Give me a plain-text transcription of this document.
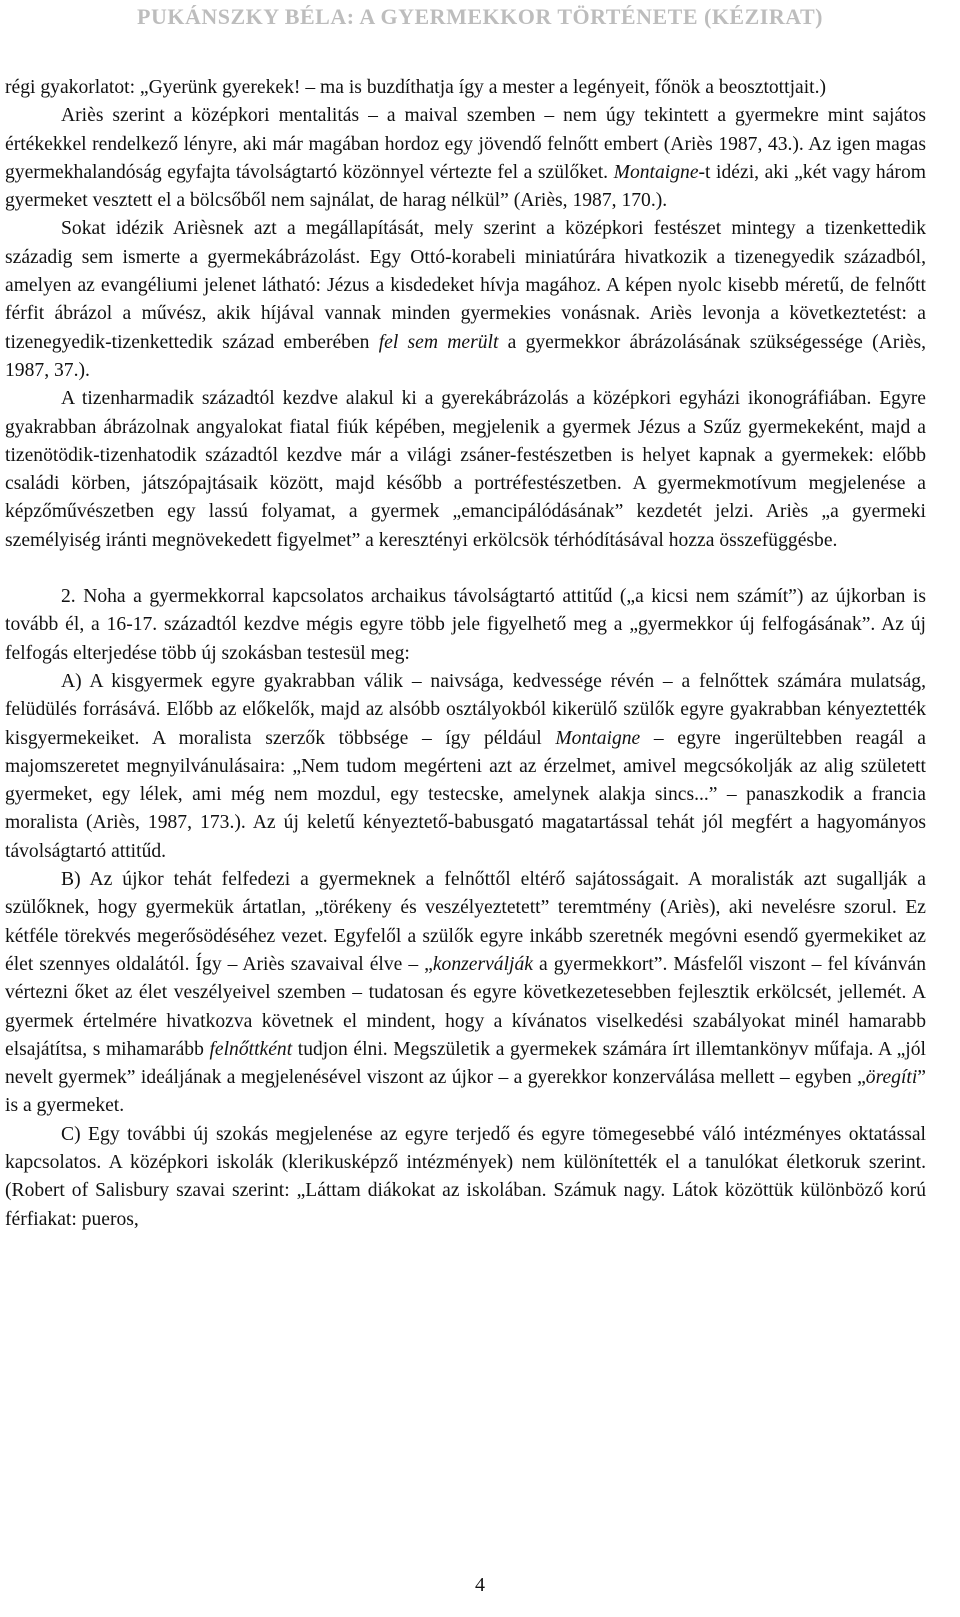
PUKÁNSZKY BÉLA: A GYERMEKKOR TÖRTÉNETE (KÉZIRAT)

régi gyakorlatot: „Gyerünk gyerekek! – ma is buzdíthatja így a mester a legényeit, főnök a beosztottjait.)

Ariès szerint a középkori mentalitás – a maival szemben – nem úgy tekintett a gyermekre mint sajátos értékekkel rendelkező lényre, aki már magában hordoz egy jövendő felnőtt embert (Ariès 1987, 43.). Az igen magas gyermekhalandóság egyfajta távolságtartó közönnyel vértezte fel a szülőket. Montaigne-t idézi, aki „két vagy három gyermeket vesztett el a bölcsőből nem sajnálat, de harag nélkül” (Ariès, 1987, 170.).

Sokat idézik Arièsnek azt a megállapítását, mely szerint a középkori festészet mintegy a tizenkettedik századig sem ismerte a gyermekábrázolást. Egy Ottó-korabeli miniatúrára hivatkozik a tizenegyedik századból, amelyen az evangéliumi jelenet látható: Jézus a kisdedeket hívja magához. A képen nyolc kisebb méretű, de felnőtt férfit ábrázol a művész, akik híjával vannak minden gyermekies vonásnak. Ariès levonja a következtetést: a tizenegyedik-tizenkettedik század emberében fel sem merült a gyermekkor ábrázolásának szükségessége (Ariès, 1987, 37.).

A tizenharmadik századtól kezdve alakul ki a gyerekábrázolás a középkori egyházi ikonográfiában. Egyre gyakrabban ábrázolnak angyalokat fiatal fiúk képében, megjelenik a gyermek Jézus a Szűz gyermekeként, majd a tizenötödik-tizenhatodik századtól kezdve már a világi zsáner-festészetben is helyet kapnak a gyermekek: előbb családi körben, játszópajtásaik között, majd később a portréfestészetben. A gyermekmotívum megjelenése a képzőművészetben egy lassú folyamat, a gyermek „emancipálódásának” kezdetét jelzi. Ariès „a gyermeki személyiség iránti megnövekedett figyelmet” a keresztényi erkölcsök térhódításával hozza összefüggésbe.

2. Noha a gyermekkorral kapcsolatos archaikus távolságtartó attitűd („a kicsi nem számít”) az újkorban is tovább él, a 16-17. századtól kezdve mégis egyre több jele figyelhető meg a „gyermekkor új felfogásának”. Az új felfogás elterjedése több új szokásban testesül meg:

A) A kisgyermek egyre gyakrabban válik – naivsága, kedvessége révén – a felnőttek számára mulatság, felüdülés forrásává. Előbb az előkelők, majd az alsóbb osztályokból kikerülő szülők egyre gyakrabban kényeztették kisgyermekeiket. A moralista szerzők többsége – így például Montaigne – egyre ingerültebben reagál a majomszeretet megnyilvánulásaira: „Nem tudom megérteni azt az érzelmet, amivel megcsókolják az alig született gyermeket, egy lélek, ami még nem mozdul, egy testecske, amelynek alakja sincs...” – panaszkodik a francia moralista (Ariès, 1987, 173.). Az új keletű kényeztető-babusgató magatartással tehát jól megfért a hagyományos távolságtartó attitűd.

B) Az újkor tehát felfedezi a gyermeknek a felnőttől eltérő sajátosságait. A moralisták azt sugallják a szülőknek, hogy gyermekük ártatlan, „törékeny és veszélyeztetett” teremtmény (Ariès), aki nevelésre szorul. Ez kétféle törekvés megerősödéséhez vezet. Egyfelől a szülők egyre inkább szeretnék megóvni esendő gyermekiket az élet szennyes oldalától. Így – Ariès szavaival élve – „konzerválják a gyermekkort”. Másfelől viszont – fel kívánván vértezni őket az élet veszélyeivel szemben – tudatosan és egyre következetesebben fejlesztik erkölcsét, jellemét. A gyermek értelmére hivatkozva követnek el mindent, hogy a kívánatos viselkedési szabályokat minél hamarabb elsajátítsa, s mihamarább felnőttként tudjon élni. Megszületik a gyermekek számára írt illemtankönyv műfaja. A „jól nevelt gyermek” ideáljának a megjelenésével viszont az újkor – a gyerekkor konzerválása mellett – egyben „öregíti” is a gyermeket.

C) Egy további új szokás megjelenése az egyre terjedő és egyre tömegesebbé váló intézményes oktatással kapcsolatos. A középkori iskolák (klerikusképző intézmények) nem különítették el a tanulókat életkoruk szerint. (Robert of Salisbury szavai szerint: „Láttam diákokat az iskolában. Számuk nagy. Látok közöttük különböző korú férfiakat: pueros,

4
